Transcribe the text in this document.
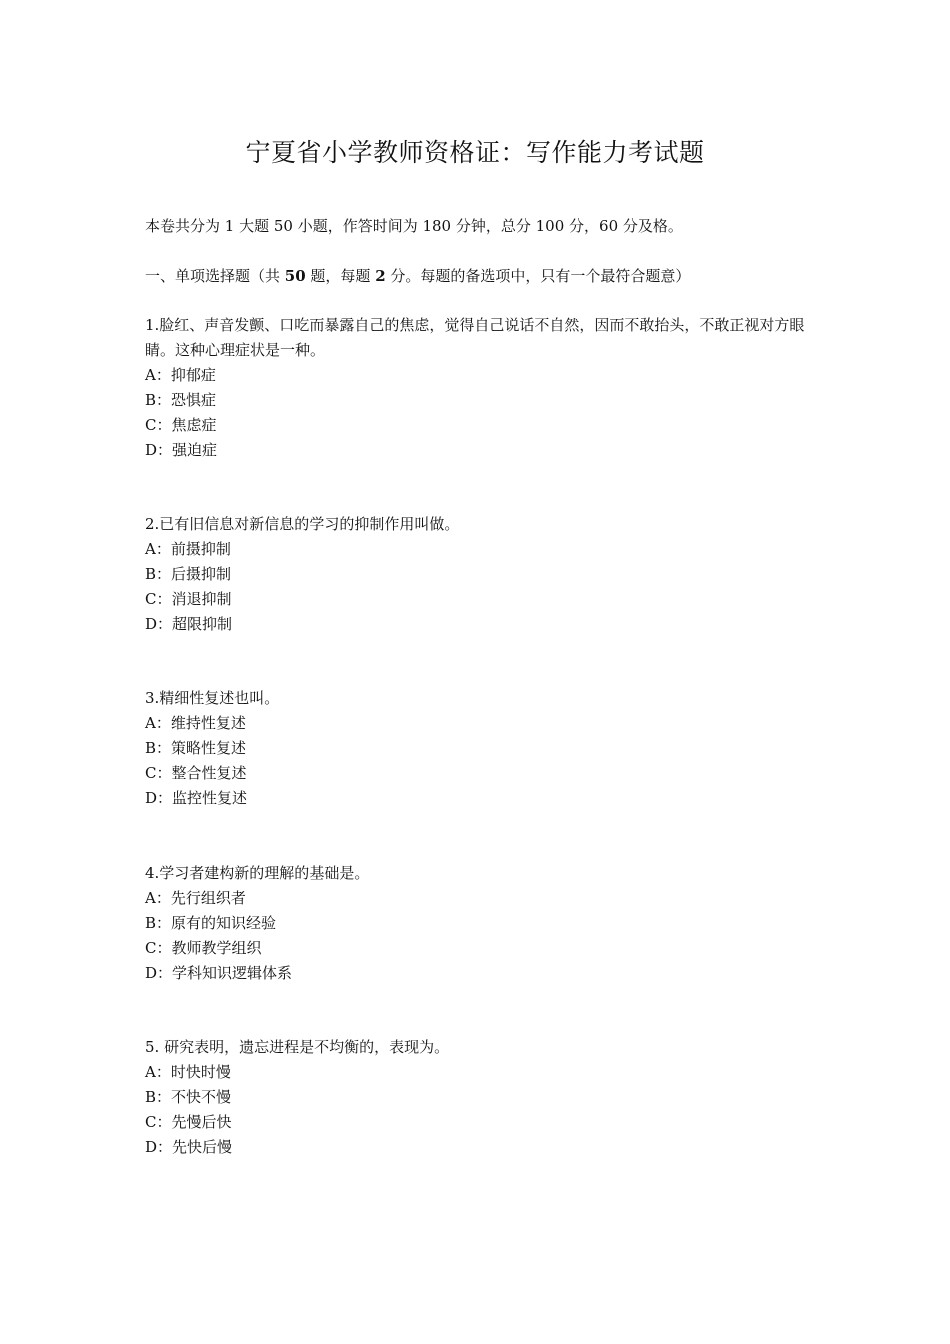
宁夏省小学教师资格证：写作能力考试题
本卷共分为 1 大题 50 小题，作答时间为 180 分钟，总分 100 分，60 分及格。
一、单项选择题（共 50 题，每题 2 分。每题的备选项中，只有一个最符合题意）
1.脸红、声音发颤、口吃而暴露自己的焦虑，觉得自己说话不自然，因而不敢抬头，不敢正视对方眼睛。这种心理症状是一种。
A：抑郁症
B：恐惧症
C：焦虑症
D：强迫症
2.已有旧信息对新信息的学习的抑制作用叫做。
A：前摄抑制
B：后摄抑制
C：消退抑制
D：超限抑制
3.精细性复述也叫。
A：维持性复述
B：策略性复述
C：整合性复述
D：监控性复述
4.学习者建构新的理解的基础是。
A：先行组织者
B：原有的知识经验
C：教师教学组织
D：学科知识逻辑体系
5. 研究表明，遗忘进程是不均衡的，表现为。
A：时快时慢
B：不快不慢
C：先慢后快
D：先快后慢
